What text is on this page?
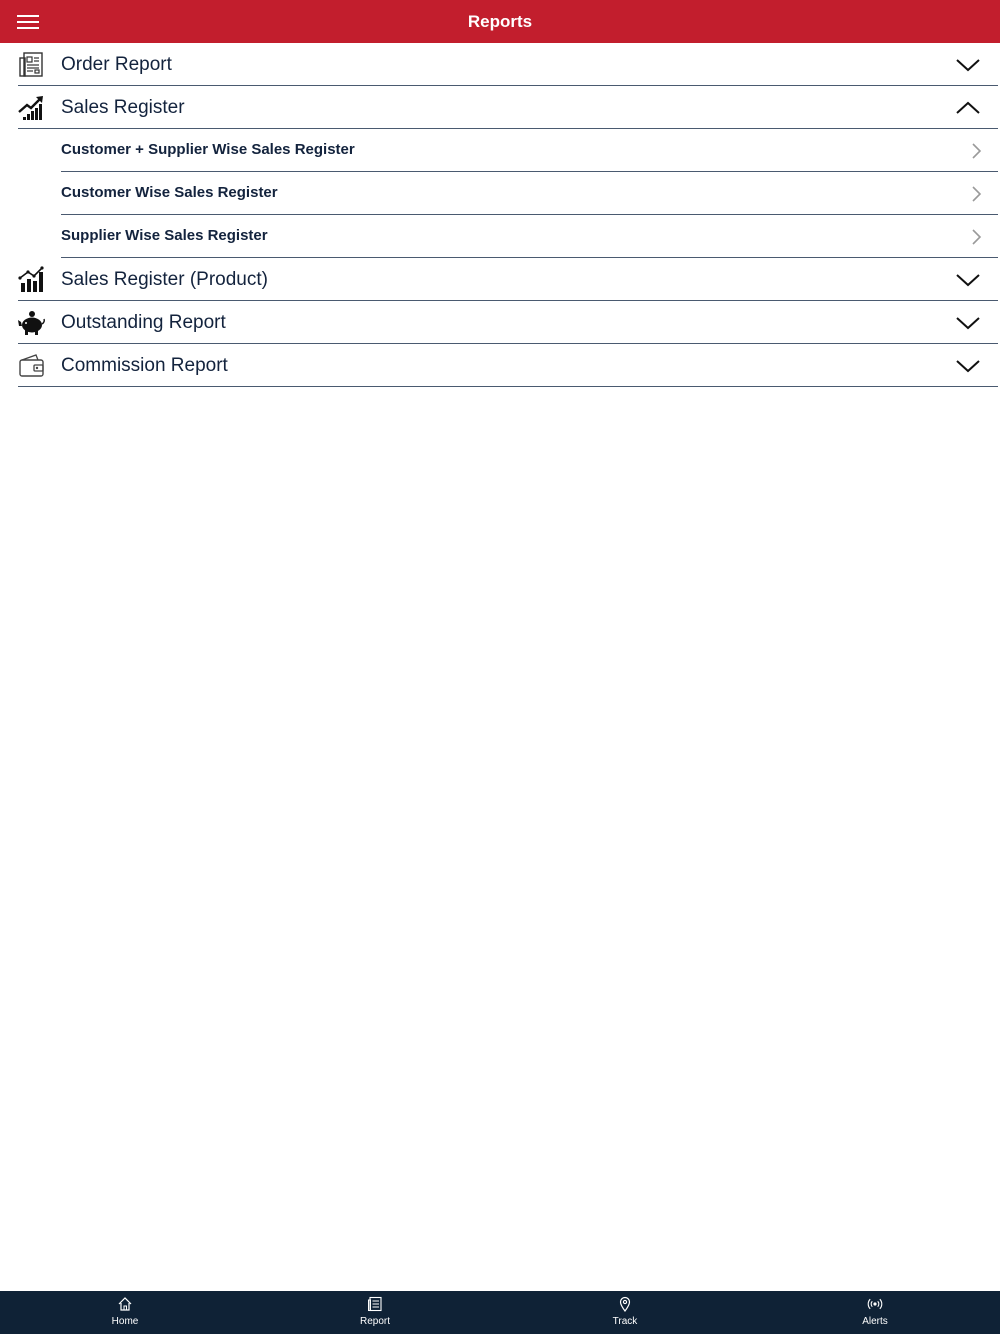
Reports
Order Report
Sales Register
Customer + Supplier Wise Sales Register
Customer Wise Sales Register
Supplier Wise Sales Register
Sales Register (Product)
Outstanding Report
Commission Report
Home	Report	Track	Alerts
